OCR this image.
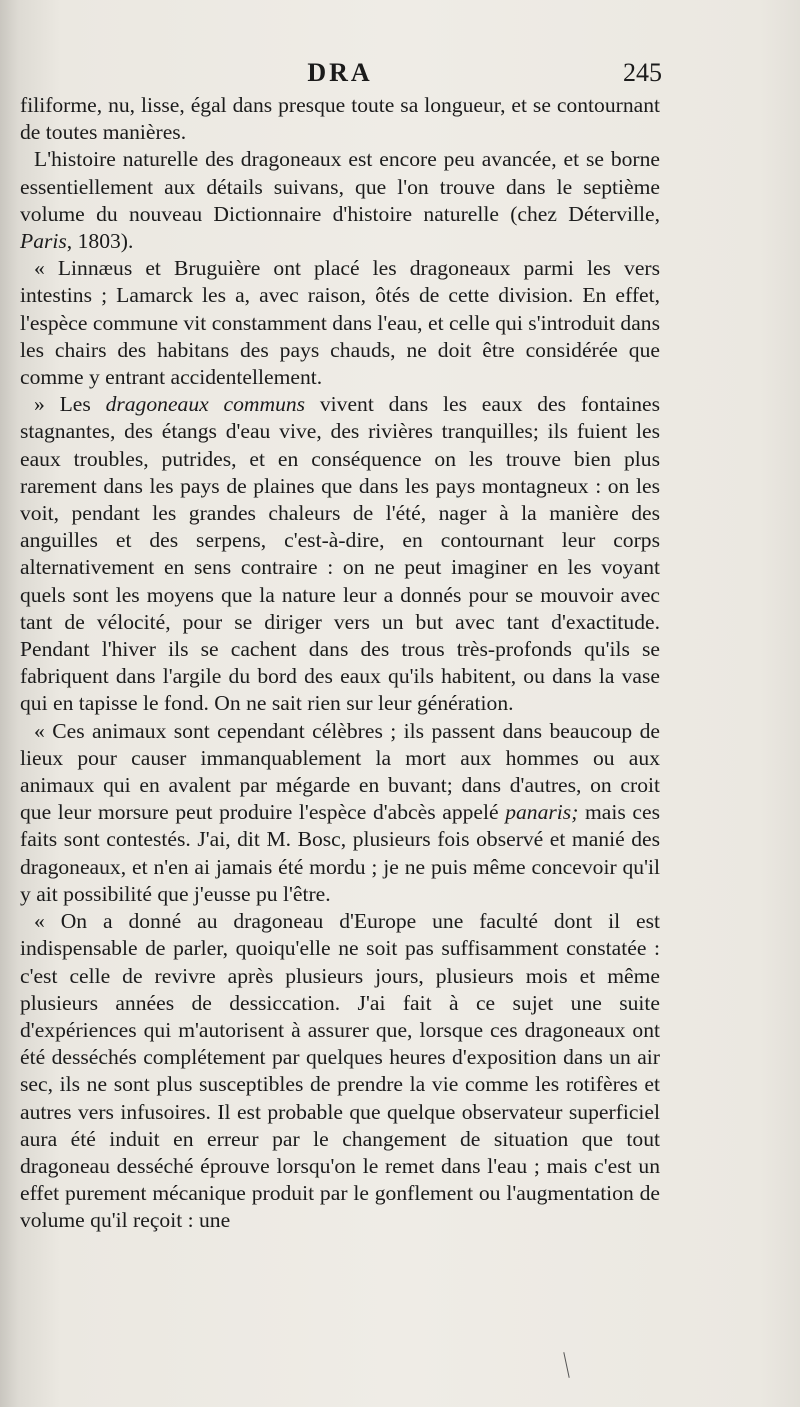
DRA	245

filiforme, nu, lisse, égal dans presque toute sa longueur, et se contournant de toutes manières.

L'histoire naturelle des dragoneaux est encore peu avancée, et se borne essentiellement aux détails suivans, que l'on trouve dans le septième volume du nouveau Dictionnaire d'histoire naturelle (chez Déterville, Paris, 1803).

« Linnæus et Bruguière ont placé les dragoneaux parmi les vers intestins ; Lamarck les a, avec raison, ôtés de cette division. En effet, l'espèce commune vit constamment dans l'eau, et celle qui s'introduit dans les chairs des habitans des pays chauds, ne doit être considérée que comme y entrant accidentellement.

» Les dragoneaux communs vivent dans les eaux des fontaines stagnantes, des étangs d'eau vive, des rivières tranquilles; ils fuient les eaux troubles, putrides, et en conséquence on les trouve bien plus rarement dans les pays de plaines que dans les pays montagneux : on les voit, pendant les grandes chaleurs de l'été, nager à la manière des anguilles et des serpens, c'est-à-dire, en contournant leur corps alternativement en sens contraire : on ne peut imaginer en les voyant quels sont les moyens que la nature leur a donnés pour se mouvoir avec tant de vélocité, pour se diriger vers un but avec tant d'exactitude. Pendant l'hiver ils se cachent dans des trous très-profonds qu'ils se fabriquent dans l'argile du bord des eaux qu'ils habitent, ou dans la vase qui en tapisse le fond. On ne sait rien sur leur génération.

« Ces animaux sont cependant célèbres ; ils passent dans beaucoup de lieux pour causer immanquablement la mort aux hommes ou aux animaux qui en avalent par mégarde en buvant; dans d'autres, on croit que leur morsure peut produire l'espèce d'abcès appelé panaris; mais ces faits sont contestés. J'ai, dit M. Bosc, plusieurs fois observé et manié des dragoneaux, et n'en ai jamais été mordu ; je ne puis même concevoir qu'il y ait possibilité que j'eusse pu l'être.

« On a donné au dragoneau d'Europe une faculté dont il est indispensable de parler, quoiqu'elle ne soit pas suffisamment constatée : c'est celle de revivre après plusieurs jours, plusieurs mois et même plusieurs années de dessiccation. J'ai fait à ce sujet une suite d'expériences qui m'autorisent à assurer que, lorsque ces dragoneaux ont été desséchés complétement par quelques heures d'exposition dans un air sec, ils ne sont plus susceptibles de prendre la vie comme les rotifères et autres vers infusoires. Il est probable que quelque observateur superficiel aura été induit en erreur par le changement de situation que tout dragoneau desséché éprouve lorsqu'on le remet dans l'eau ; mais c'est un effet purement mécanique produit par le gonflement ou l'augmentation de volume qu'il reçoit : une
